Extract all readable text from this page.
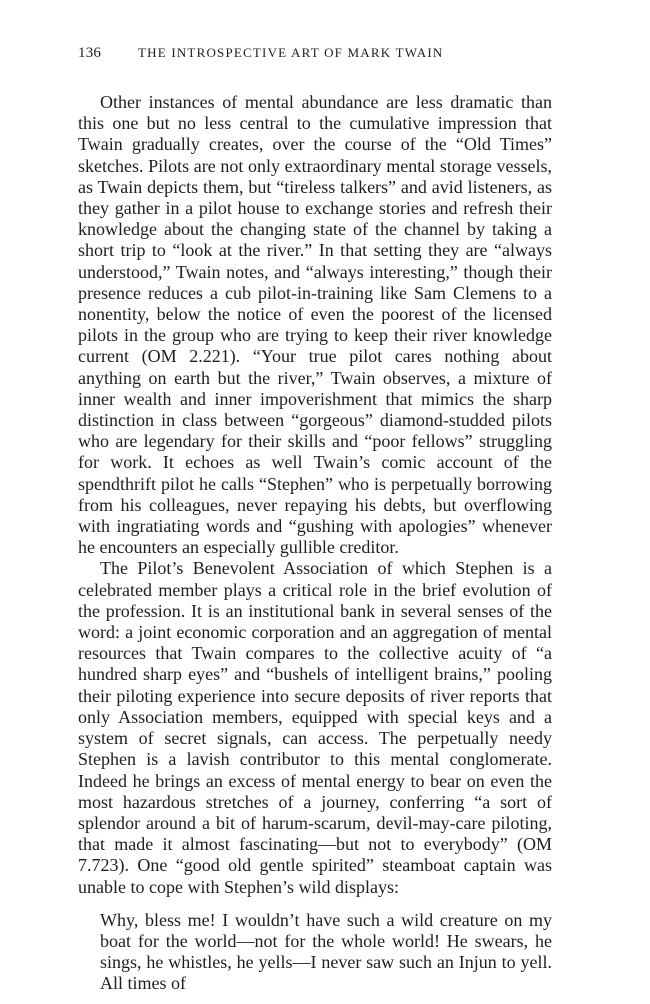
136	THE INTROSPECTIVE ART OF MARK TWAIN

Other instances of mental abundance are less dramatic than this one but no less central to the cumulative impression that Twain gradually creates, over the course of the “Old Times” sketches. Pilots are not only extraordinary mental storage vessels, as Twain depicts them, but “tireless talkers” and avid listeners, as they gather in a pilot house to exchange stories and refresh their knowledge about the changing state of the channel by taking a short trip to “look at the river.” In that setting they are “always understood,” Twain notes, and “always interesting,” though their presence reduces a cub pilot-in-training like Sam Clemens to a nonentity, below the notice of even the poorest of the licensed pilots in the group who are trying to keep their river knowledge current (OM 2.221). “Your true pilot cares nothing about anything on earth but the river,” Twain observes, a mixture of inner wealth and inner impoverishment that mimics the sharp distinction in class between “gorgeous” diamond-studded pilots who are legendary for their skills and “poor fellows” struggling for work. It echoes as well Twain’s comic account of the spendthrift pilot he calls “Stephen” who is perpetually borrowing from his colleagues, never repaying his debts, but overflowing with ingratiating words and “gushing with apologies” whenever he encounters an especially gullible creditor.

The Pilot’s Benevolent Association of which Stephen is a celebrated member plays a critical role in the brief evolution of the profession. It is an institutional bank in several senses of the word: a joint economic corporation and an aggregation of mental resources that Twain compares to the collective acuity of “a hundred sharp eyes” and “bushels of intelligent brains,” pooling their piloting experience into secure deposits of river reports that only Association members, equipped with special keys and a system of secret signals, can access. The perpetually needy Stephen is a lavish contributor to this mental conglomerate. Indeed he brings an excess of mental energy to bear on even the most hazardous stretches of a journey, conferring “a sort of splendor around a bit of harum-scarum, devil-may-care piloting, that made it almost fascinating—but not to everybody” (OM 7.723). One “good old gentle spirited” steamboat captain was unable to cope with Stephen’s wild displays:

Why, bless me! I wouldn’t have such a wild creature on my boat for the world—not for the whole world! He swears, he sings, he whistles, he yells—I never saw such an Injun to yell. All times of
